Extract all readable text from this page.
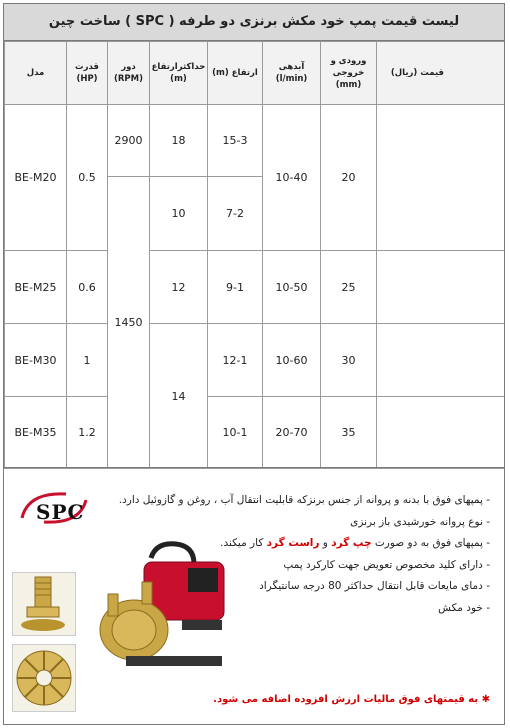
لیست قیمت پمپ خود مکش برنزی دو طرفه ( SPC ) ساخت چین
مدل	قدرت (HP)	دور (RPM)	حداکثرارتفاع (m)	ارتفاع (m)	آبدهی (l/min)	ورودی و خروجی (mm)	قیمت (ریال)
BE-M20	0.5	2900	18	15-3	10-40	20	
		1450	10	7-2			
BE-M25	0.6		12	9-1	10-50	25	
BE-M30	1		14	12-1	10-60	30	
BE-M35	1.2			10-1	20-70	35	
SPC	- پمپهای فوق با بدنه و پروانه از جنس برنزکه قابلیت انتقال آب ، روغن و گازوئیل دارد.
- نوع پروانه خورشیدی باز برنزی
- پمپهای فوق به دو صورت چپ گرد و راست گرد کار میکند.
- دارای کلید مخصوص تعویض جهت کارکرد پمپ
- دمای مایعات قابل انتقال حداکثر 80 درجه سانتیگراد
- خود مکش
✱ به قیمتهای فوق مالیات ارزش افزوده اضافه می شود.
